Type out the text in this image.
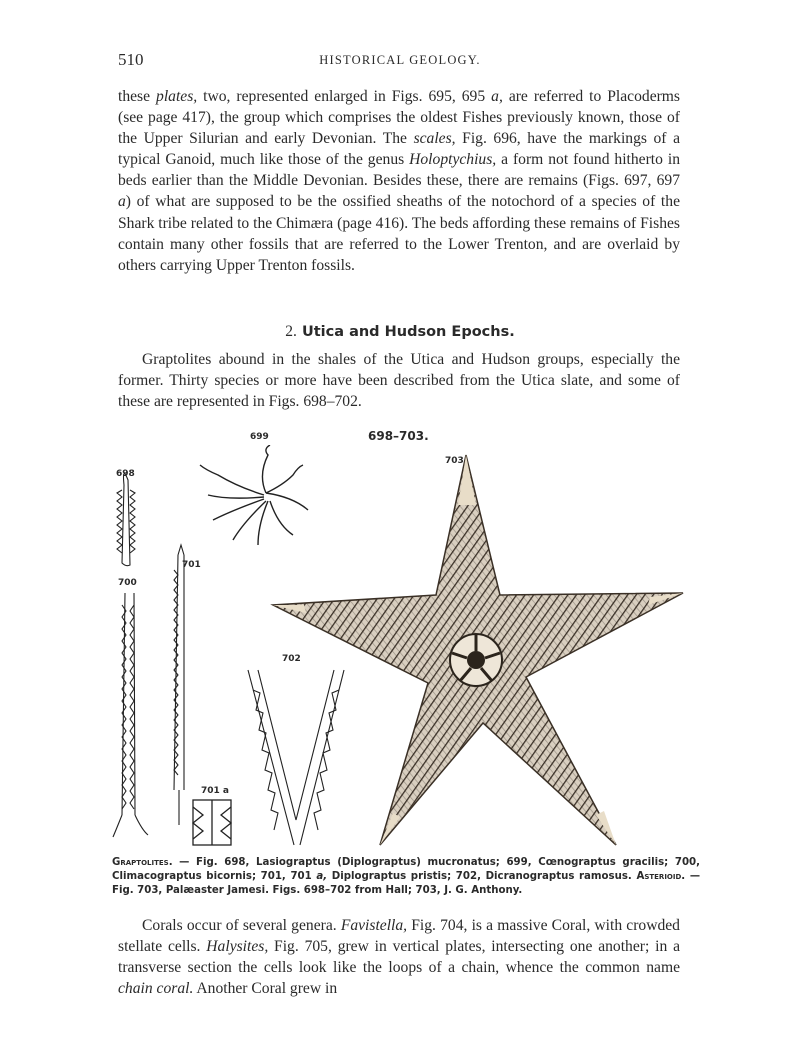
510	HISTORICAL GEOLOGY.

these plates, two, represented enlarged in Figs. 695, 695 a, are referred to Placoderms (see page 417), the group which comprises the oldest Fishes previously known, those of the Upper Silurian and early Devonian. The scales, Fig. 696, have the markings of a typical Ganoid, much like those of the genus Holoptychius, a form not found hitherto in beds earlier than the Middle Devonian. Besides these, there are remains (Figs. 697, 697 a) of what are supposed to be the ossified sheaths of the notochord of a species of the Shark tribe related to the Chimæra (page 416). The beds affording these remains of Fishes contain many other fossils that are referred to the Lower Trenton, and are overlaid by others carrying Upper Trenton fossils.

2. Utica and Hudson Epochs.

Graptolites abound in the shales of the Utica and Hudson groups, especially the former. Thirty species or more have been described from the Utica slate, and some of these are represented in Figs. 698–702.

698–703.
698
699
700
701
701 a
702
703

Graptolites. — Fig. 698, Lasiograptus (Diplograptus) mucronatus; 699, Cœnograptus gracilis; 700, Climacograptus bicornis; 701, 701 a, Diplograptus pristis; 702, Dicranograptus ramosus. Asterioid. — Fig. 703, Palæaster Jamesi. Figs. 698–702 from Hall; 703, J. G. Anthony.

Corals occur of several genera. Favistella, Fig. 704, is a massive Coral, with crowded stellate cells. Halysites, Fig. 705, grew in vertical plates, intersecting one another; in a transverse section the cells look like the loops of a chain, whence the common name chain coral. Another Coral grew in
